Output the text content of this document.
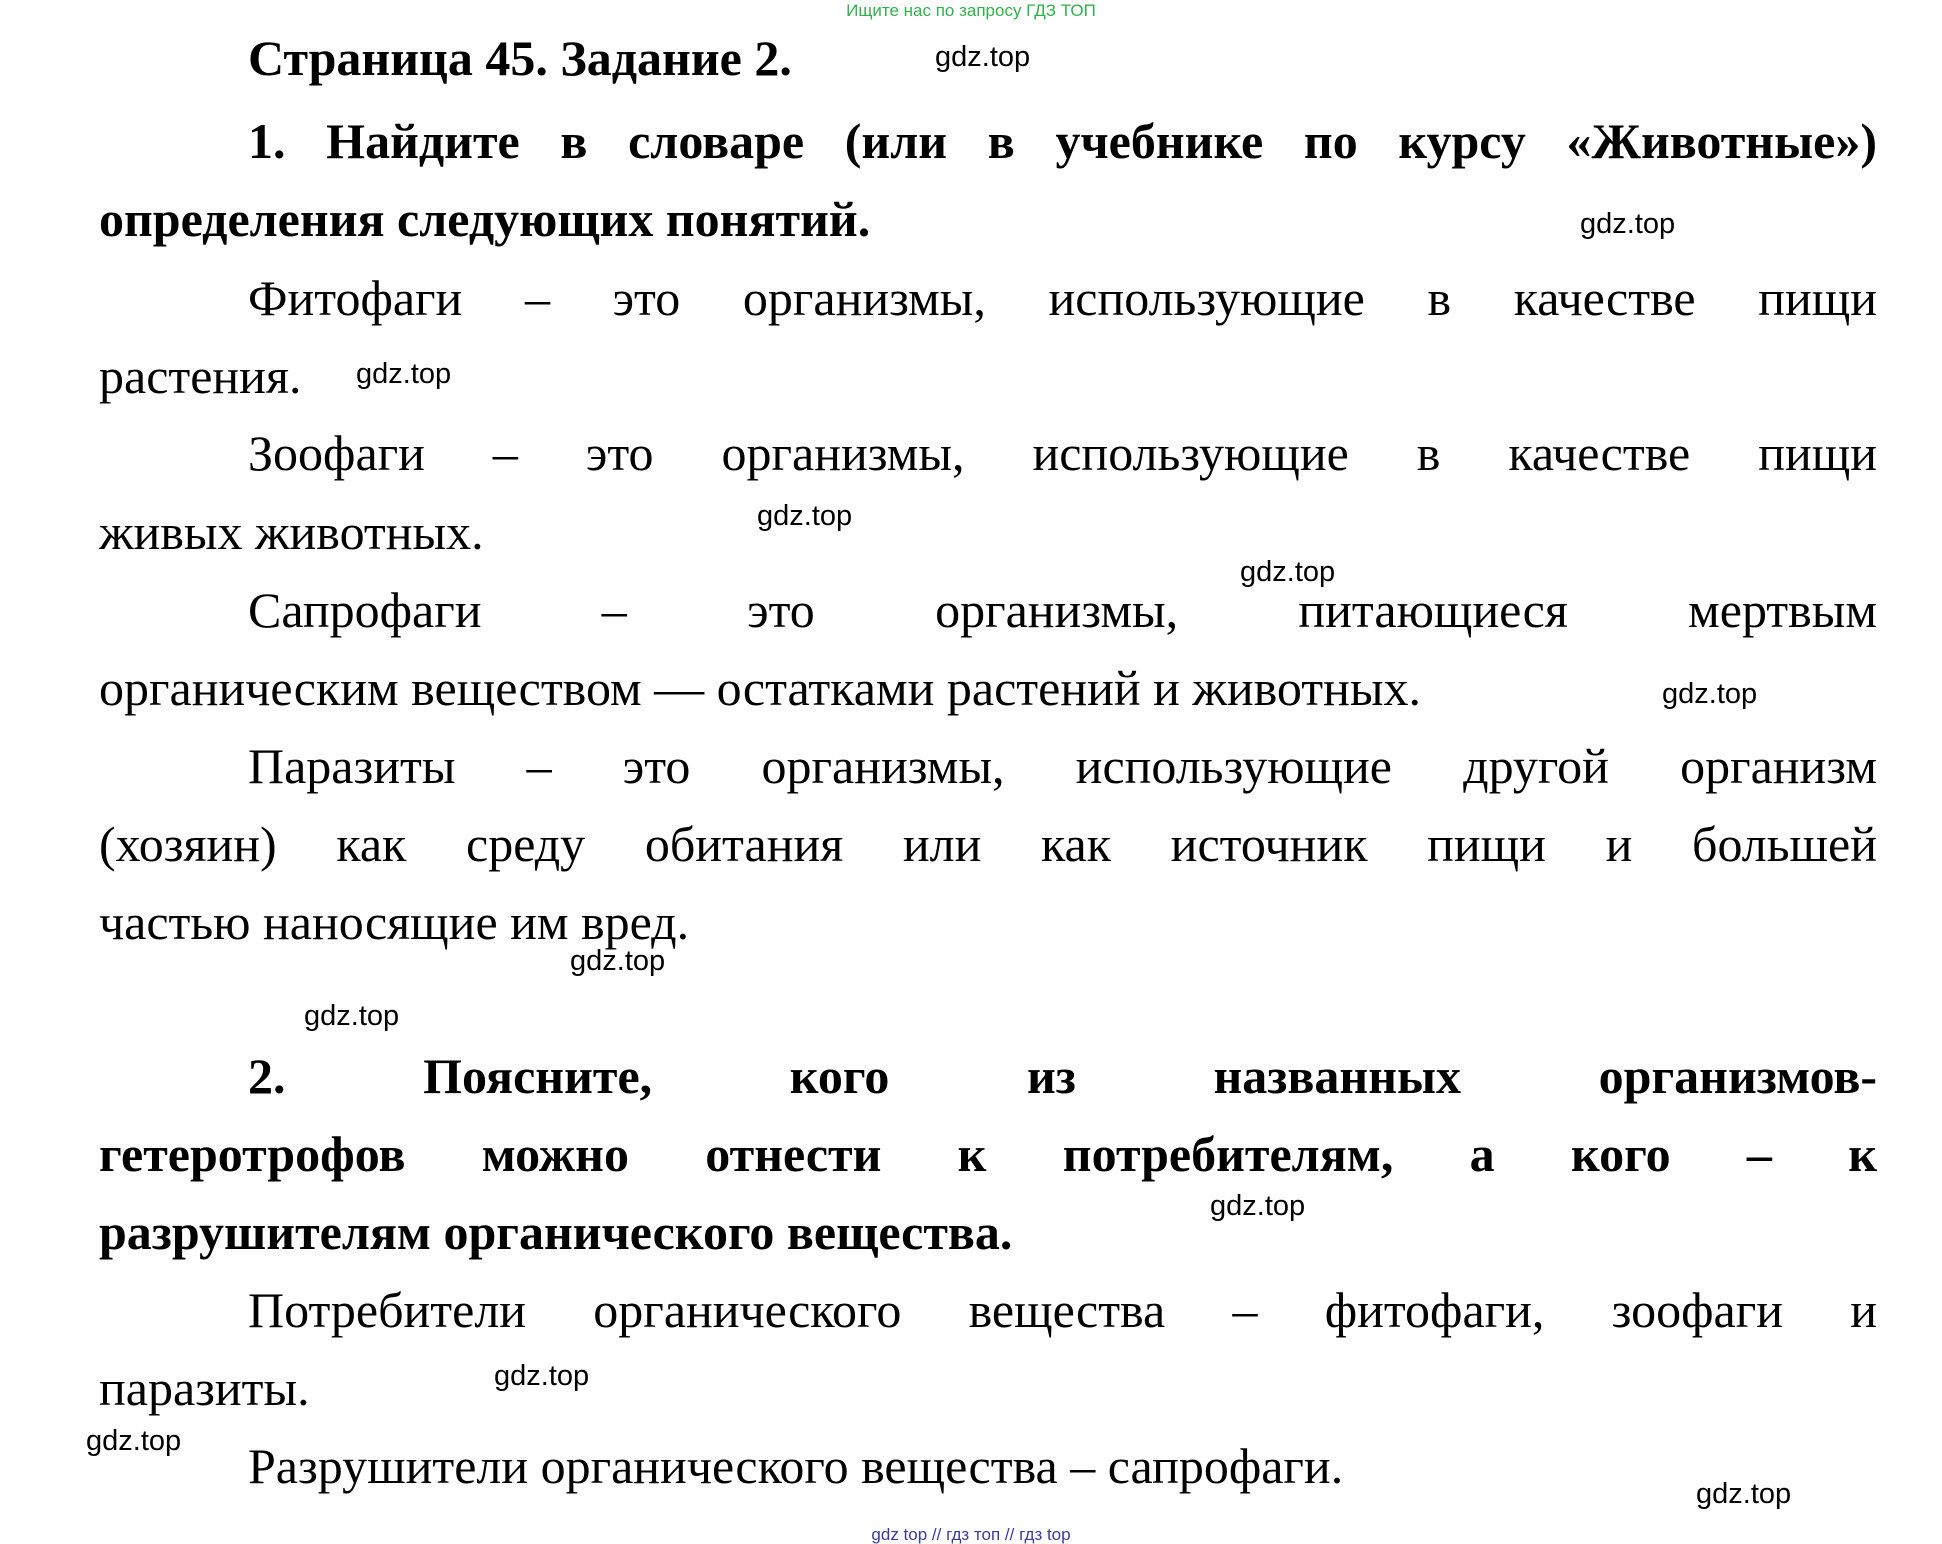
Ищите нас по запросу ГДЗ ТОП
Страница 45. Задание 2.	gdz.top
1. Найдите в словаре (или в учебнике по курсу «Животные»)
определения следующих понятий.	gdz.top
Фитофаги – это организмы, использующие в качестве пищи
растения.	gdz.top
Зоофаги – это организмы, использующие в качестве пищи
живых животных.	gdz.top
gdz.top
Сапрофаги – это организмы, питающиеся мертвым
органическим веществом — остатками растений и животных.	gdz.top
Паразиты – это организмы, использующие другой организм
(хозяин) как среду обитания или как источник пищи и большей
частью наносящие им вред.
gdz.top
gdz.top
2. Поясните, кого из названных организмов-
гетеротрофов можно отнести к потребителям, а кого – к
разрушителям органического вещества.	gdz.top
Потребители органического вещества – фитофаги, зоофаги и
паразиты.	gdz.top
gdz.top Разрушители органического вещества – сапрофаги.	gdz.top
gdz top // гдз топ // гдз top
